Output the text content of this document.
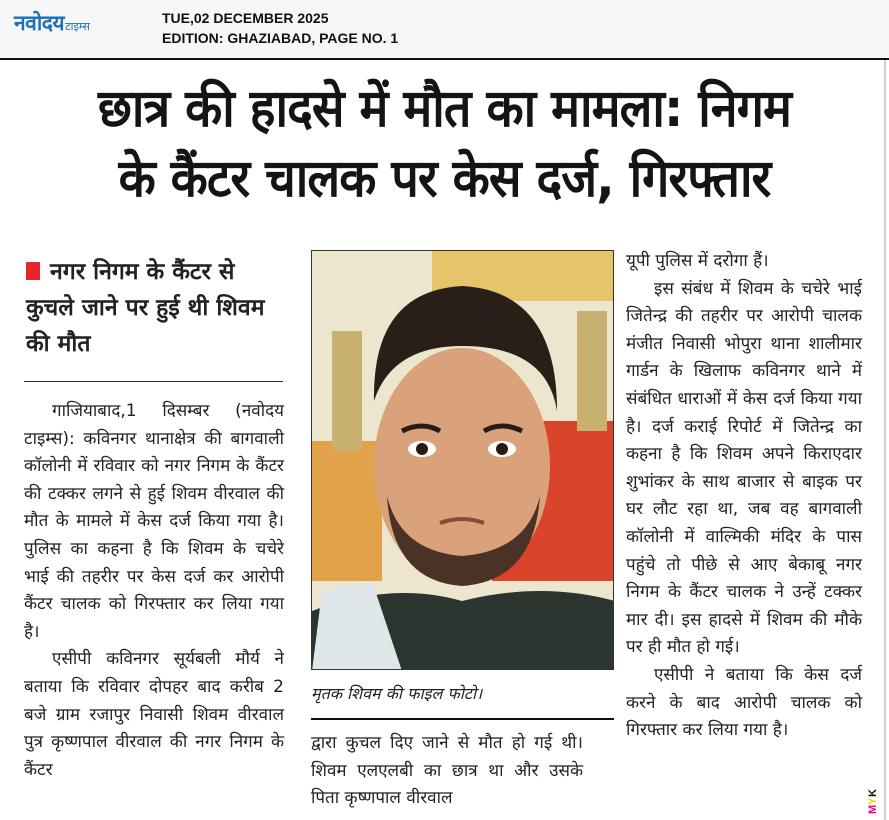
नवोदय टाइम्स
TUE,02 DECEMBER 2025
EDITION: GHAZIABAD, PAGE NO. 1
छात्र की हादसे में मौत का मामला: निगम
के कैंटर चालक पर केस दर्ज, गिरफ्तार
नगर निगम के कैंटर से कुचले जाने पर हुई थी शिवम की मौत

गाजियाबाद,1 दिसम्बर (नवोदय टाइम्स): कविनगर थानाक्षेत्र की बागवाली कॉलोनी में रविवार को नगर निगम के कैंटर की टक्कर लगने से हुई शिवम वीरवाल की मौत के मामले में केस दर्ज किया गया है। पुलिस का कहना है कि शिवम के चचेरे भाई की तहरीर पर केस दर्ज कर आरोपी कैंटर चालक को गिरफ्तार कर लिया गया है।

एसीपी कविनगर सूर्यबली मौर्य ने बताया कि रविवार दोपहर बाद करीब 2 बजे ग्राम रजापुर निवासी शिवम वीरवाल पुत्र कृष्णपाल वीरवाल की नगर निगम के कैंटर

मृतक शिवम की फाइल फोटो।

द्वारा कुचल दिए जाने से मौत हो गई थी। शिवम एलएलबी का छात्र था और उसके पिता कृष्णपाल वीरवाल

यूपी पुलिस में दरोगा हैं।

इस संबंध में शिवम के चचेरे भाई जितेन्द्र की तहरीर पर आरोपी चालक मंजीत निवासी भोपुरा थाना शालीमार गार्डन के खिलाफ कविनगर थाने में संबंधित धाराओं में केस दर्ज किया गया है। दर्ज कराई रिपोर्ट में जितेन्द्र का कहना है कि शिवम अपने किराएदार शुभांकर के साथ बाजार से बाइक पर घर लौट रहा था, जब वह बागवाली कॉलोनी में वाल्मिकी मंदिर के पास पहुंचे तो पीछे से आए बेकाबू नगर निगम के कैंटर चालक ने उन्हें टक्कर मार दी। इस हादसे में शिवम की मौके पर ही मौत हो गई।

एसीपी ने बताया कि केस दर्ज करने के बाद आरोपी चालक को गिरफ्तार कर लिया गया है।

MYK
